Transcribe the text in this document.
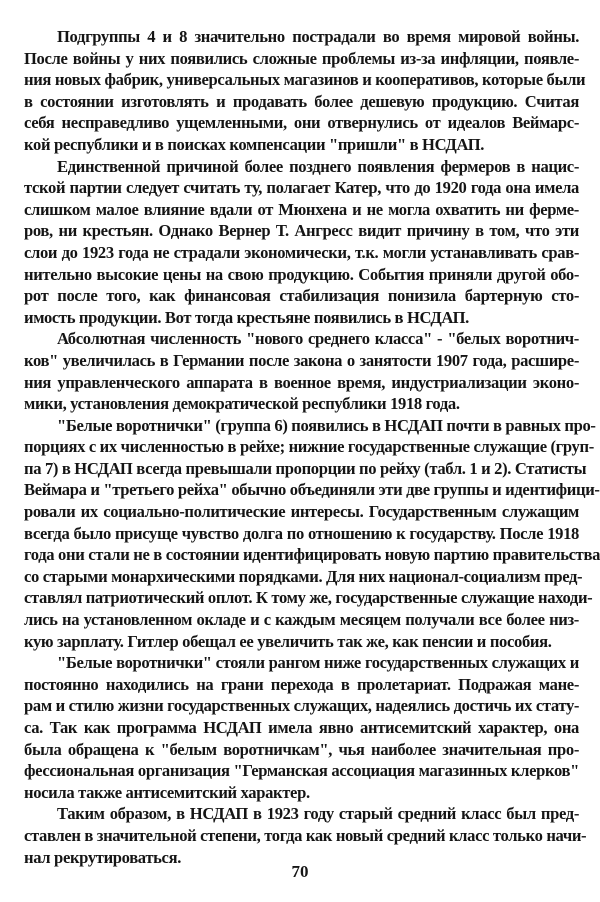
Подгруппы 4 и 8 значительно пострадали во время мировой войны.
После войны у них появились сложные проблемы из-за инфляции, появле-
ния новых фабрик, универсальных магазинов и кооперативов, которые были
в состоянии изготовлять и продавать более дешевую продукцию. Считая
себя несправедливо ущемленными, они отвернулись от идеалов Веймарс-
кой республики и в поисках компенсации "пришли" в НСДАП.
Единственной причиной более позднего появления фермеров в нацис-
тской партии следует считать ту, полагает Катер, что до 1920 года она имела
слишком малое влияние вдали от Мюнхена и не могла охватить ни ферме-
ров, ни крестьян. Однако Вернер Т. Ангресс видит причину в том, что эти
слои до 1923 года не страдали экономически, т.к. могли устанавливать срав-
нительно высокие цены на свою продукцию. События приняли другой обо-
рот после того, как финансовая стабилизация понизила бартерную сто-
имость продукции. Вот тогда крестьяне появились в НСДАП.
Абсолютная численность "нового среднего класса" - "белых воротнич-
ков" увеличилась в Германии после закона о занятости 1907 года, расшире-
ния управленческого аппарата в военное время, индустриализации эконо-
мики, установления демократической республики 1918 года.
"Белые воротнички" (группа 6) появились в НСДАП почти в равных про-
порциях с их численностью в рейхе; нижние государственные служащие (груп-
па 7) в НСДАП всегда превышали пропорции по рейху (табл. 1 и 2). Статисты
Веймара и "третьего рейха" обычно объединяли эти две группы и идентифици-
ровали их социально-политические интересы. Государственным служащим
всегда было присуще чувство долга по отношению к государству. После 1918
года они стали не в состоянии идентифицировать новую партию правительства
со старыми монархическими порядками. Для них национал-социализм пред-
ставлял патриотический оплот. К тому же, государственные служащие находи-
лись на установленном окладе и с каждым месяцем получали все более низ-
кую зарплату. Гитлер обещал ее увеличить так же, как пенсии и пособия.
"Белые воротнички" стояли рангом ниже государственных служащих и
постоянно находились на грани перехода в пролетариат. Подражая мане-
рам и стилю жизни государственных служащих, надеялись достичь их стату-
са. Так как программа НСДАП имела явно антисемитский характер, она
была обращена к "белым воротничкам", чья наиболее значительная про-
фессиональная организация "Германская ассоциация магазинных клерков"
носила также антисемитский характер.
Таким образом, в НСДАП в 1923 году старый средний класс был пред-
ставлен в значительной степени, тогда как новый средний класс только начи-
нал рекрутироваться.
70
